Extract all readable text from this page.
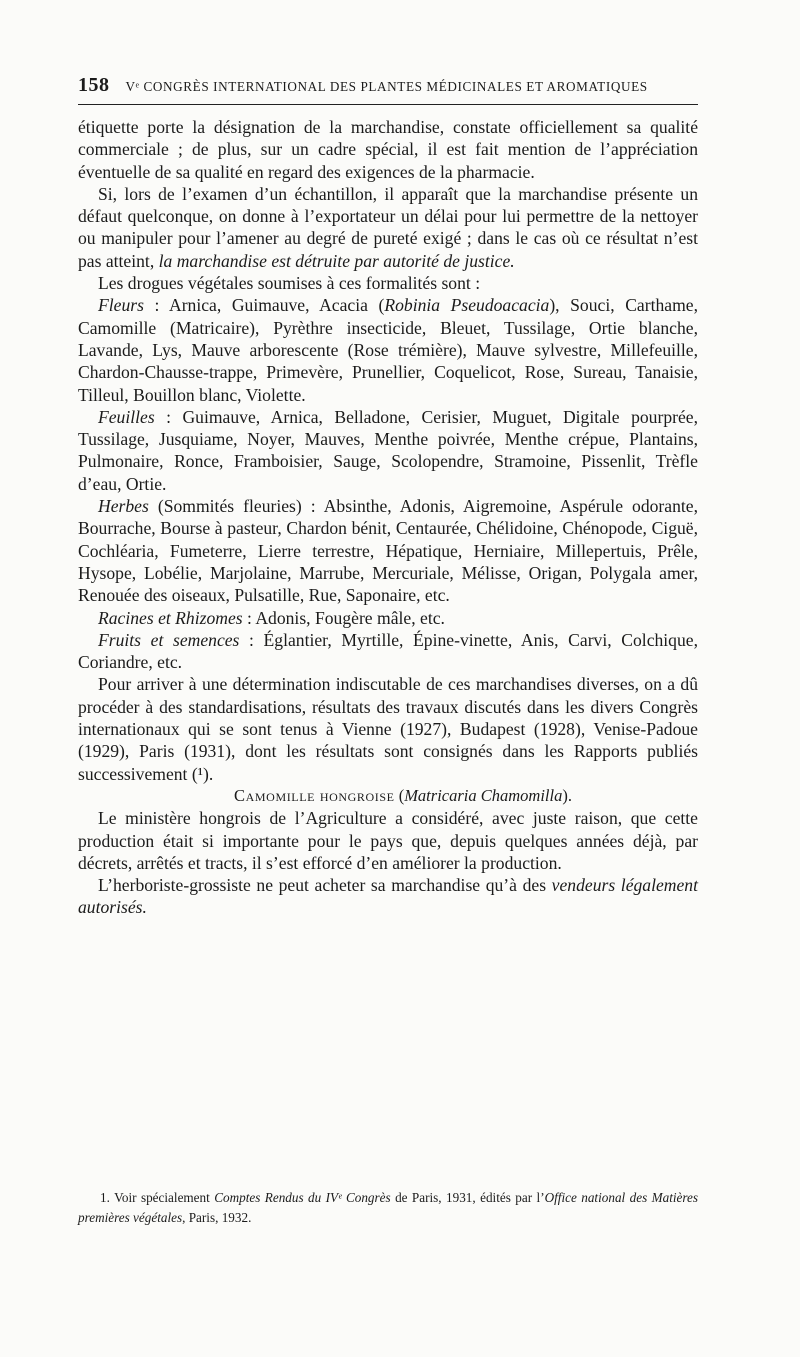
158 Vᵉ CONGRÈS INTERNATIONAL DES PLANTES MÉDICINALES ET AROMATIQUES

étiquette porte la désignation de la marchandise, constate officiellement sa qualité commerciale ; de plus, sur un cadre spécial, il est fait mention de l’appréciation éventuelle de sa qualité en regard des exigences de la pharmacie.

Si, lors de l’examen d’un échantillon, il apparaît que la marchandise présente un défaut quelconque, on donne à l’exportateur un délai pour lui permettre de la nettoyer ou manipuler pour l’amener au degré de pureté exigé ; dans le cas où ce résultat n’est pas atteint, la marchandise est détruite par autorité de justice.

Les drogues végétales soumises à ces formalités sont :

Fleurs : Arnica, Guimauve, Acacia (Robinia Pseudoacacia), Souci, Carthame, Camomille (Matricaire), Pyrèthre insecticide, Bleuet, Tussilage, Ortie blanche, Lavande, Lys, Mauve arborescente (Rose trémière), Mauve sylvestre, Millefeuille, Chardon-Chausse-trappe, Primevère, Prunellier, Coquelicot, Rose, Sureau, Tanaisie, Tilleul, Bouillon blanc, Violette.

Feuilles : Guimauve, Arnica, Belladone, Cerisier, Muguet, Digitale pourprée, Tussilage, Jusquiame, Noyer, Mauves, Menthe poivrée, Menthe crépue, Plantains, Pulmonaire, Ronce, Framboisier, Sauge, Scolopendre, Stramoine, Pissenlit, Trèfle d’eau, Ortie.

Herbes (Sommités fleuries) : Absinthe, Adonis, Aigremoine, Aspérule odorante, Bourrache, Bourse à pasteur, Chardon bénit, Centaurée, Chélidoine, Chénopode, Ciguë, Cochléaria, Fumeterre, Lierre terrestre, Hépatique, Herniaire, Millepertuis, Prêle, Hysope, Lobélie, Marjolaine, Marrube, Mercuriale, Mélisse, Origan, Polygala amer, Renouée des oiseaux, Pulsatille, Rue, Saponaire, etc.

Racines et Rhizomes : Adonis, Fougère mâle, etc.

Fruits et semences : Églantier, Myrtille, Épine-vinette, Anis, Carvi, Colchique, Coriandre, etc.

Pour arriver à une détermination indiscutable de ces marchandises diverses, on a dû procéder à des standardisations, résultats des travaux discutés dans les divers Congrès internationaux qui se sont tenus à Vienne (1927), Budapest (1928), Venise-Padoue (1929), Paris (1931), dont les résultats sont consignés dans les Rapports publiés successivement (¹).

Camomille hongroise (Matricaria Chamomilla).

Le ministère hongrois de l’Agriculture a considéré, avec juste raison, que cette production était si importante pour le pays que, depuis quelques années déjà, par décrets, arrêtés et tracts, il s’est efforcé d’en améliorer la production.

L’herboriste-grossiste ne peut acheter sa marchandise qu’à des vendeurs légalement autorisés.

1. Voir spécialement Comptes Rendus du IVᵉ Congrès de Paris, 1931, édités par l’Office national des Matières premières végétales, Paris, 1932.
